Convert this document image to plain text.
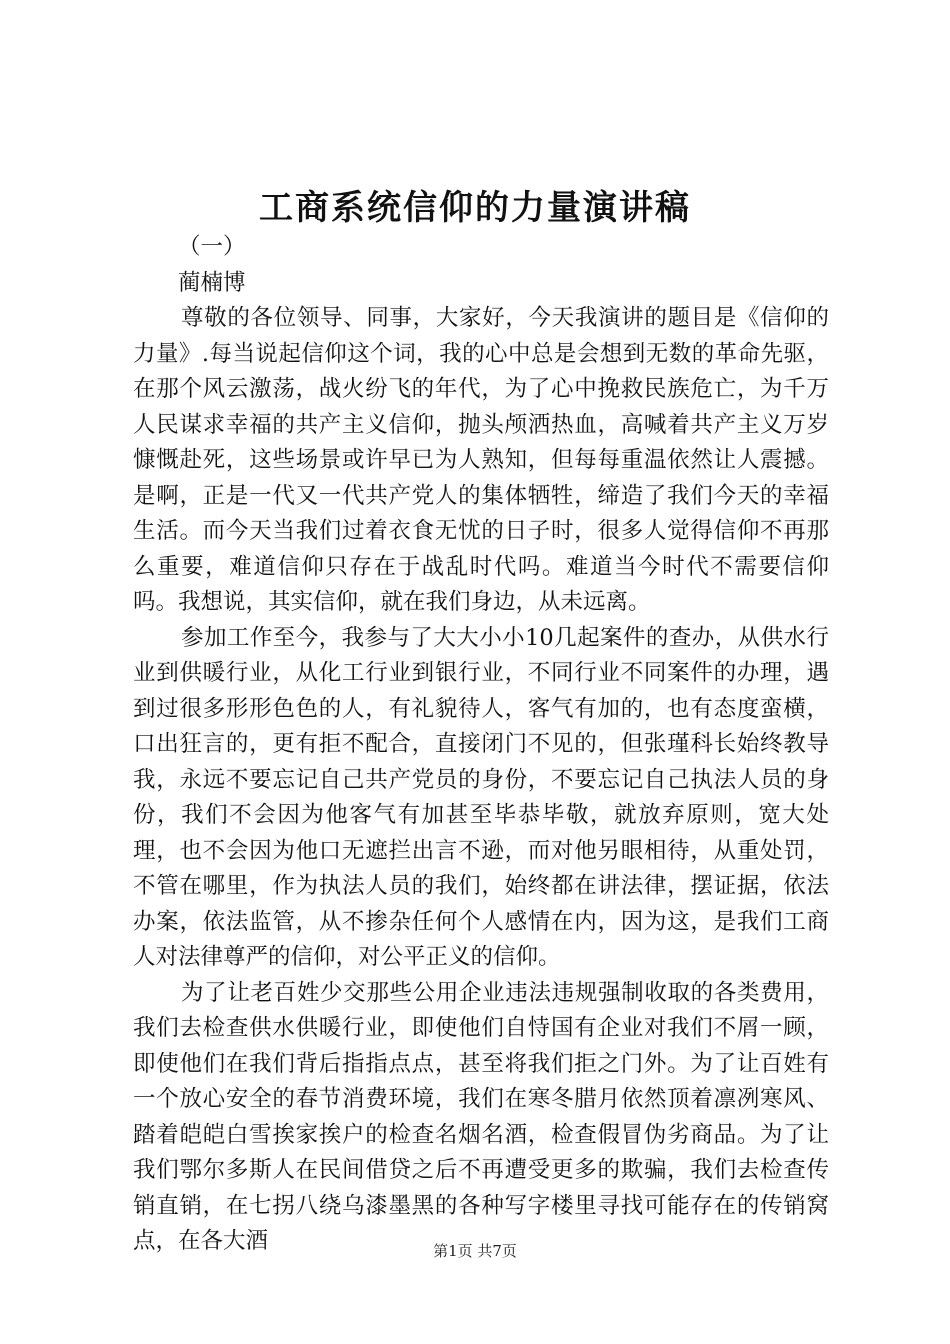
工商系统信仰的力量演讲稿

（一）

蔺楠博

尊敬的各位领导、同事，大家好，今天我演讲的题目是《信仰的力量》.每当说起信仰这个词，我的心中总是会想到无数的革命先驱，在那个风云激荡，战火纷飞的年代，为了心中挽救民族危亡，为千万人民谋求幸福的共产主义信仰，抛头颅洒热血，高喊着共产主义万岁慷慨赴死，这些场景或许早已为人熟知，但每每重温依然让人震撼。是啊，正是一代又一代共产党人的集体牺牲，缔造了我们今天的幸福生活。而今天当我们过着衣食无忧的日子时，很多人觉得信仰不再那么重要，难道信仰只存在于战乱时代吗。难道当今时代不需要信仰吗。我想说，其实信仰，就在我们身边，从未远离。

参加工作至今，我参与了大大小小10几起案件的查办，从供水行业到供暖行业，从化工行业到银行业，不同行业不同案件的办理，遇到过很多形形色色的人，有礼貌待人，客气有加的，也有态度蛮横，口出狂言的，更有拒不配合，直接闭门不见的，但张瑾科长始终教导我，永远不要忘记自己共产党员的身份，不要忘记自己执法人员的身份，我们不会因为他客气有加甚至毕恭毕敬，就放弃原则，宽大处理，也不会因为他口无遮拦出言不逊，而对他另眼相待，从重处罚，不管在哪里，作为执法人员的我们，始终都在讲法律，摆证据，依法办案，依法监管，从不掺杂任何个人感情在内，因为这，是我们工商人对法律尊严的信仰，对公平正义的信仰。

为了让老百姓少交那些公用企业违法违规强制收取的各类费用，我们去检查供水供暖行业，即使他们自恃国有企业对我们不屑一顾，即使他们在我们背后指指点点，甚至将我们拒之门外。为了让百姓有一个放心安全的春节消费环境，我们在寒冬腊月依然顶着凛冽寒风、踏着皑皑白雪挨家挨户的检查名烟名酒，检查假冒伪劣商品。为了让我们鄂尔多斯人在民间借贷之后不再遭受更多的欺骗，我们去检查传销直销，在七拐八绕乌漆墨黑的各种写字楼里寻找可能存在的传销窝点，在各大酒	第1页 共7页
